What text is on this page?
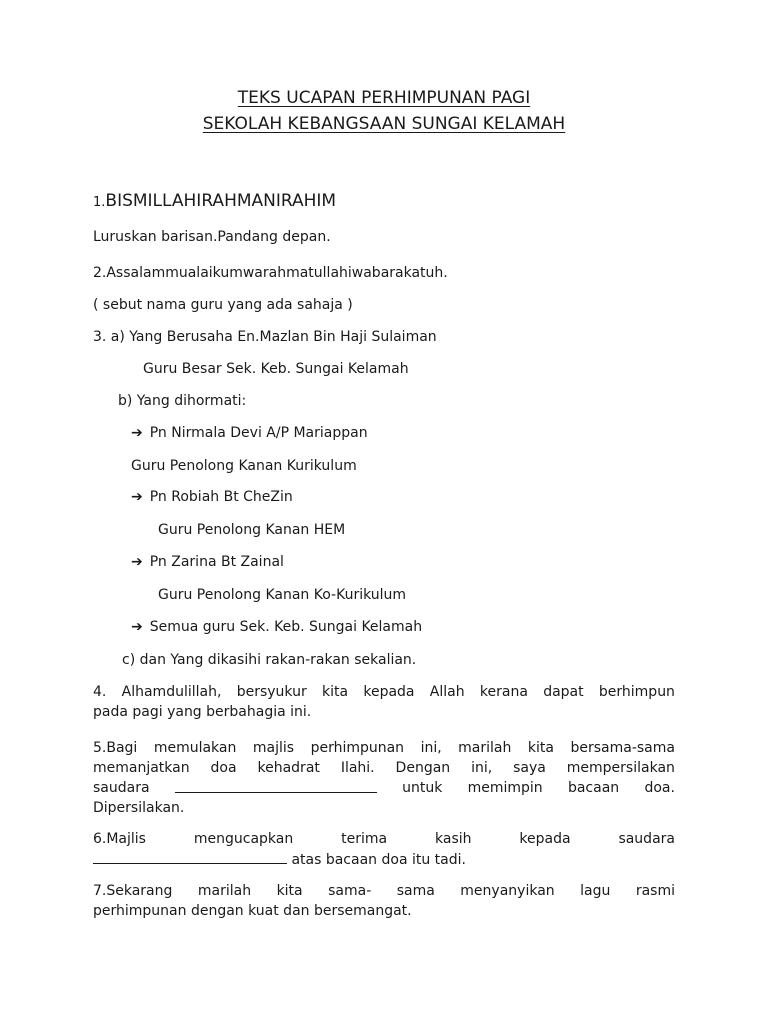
TEKS UCAPAN PERHIMPUNAN PAGI
SEKOLAH KEBANGSAAN SUNGAI KELAMAH
1.BISMILLAHIRAHMANIRAHIM
Luruskan barisan.Pandang depan.
2.Assalammualaikumwarahmatullahiwabarakatuh.
( sebut nama guru yang ada sahaja )
3. a) Yang Berusaha En.Mazlan Bin Haji Sulaiman
Guru Besar Sek. Keb. Sungai Kelamah
b) Yang dihormati:
➔ Pn Nirmala Devi A/P Mariappan
Guru Penolong Kanan Kurikulum
➔ Pn Robiah Bt CheZin
Guru Penolong Kanan HEM
➔ Pn Zarina Bt Zainal
Guru Penolong Kanan Ko-Kurikulum
➔ Semua guru Sek. Keb. Sungai Kelamah
c) dan Yang dikasihi rakan-rakan sekalian.
4. Alhamdulillah, bersyukur kita kepada Allah kerana dapat berhimpun
pada pagi yang berbahagia ini.
5.Bagi memulakan majlis perhimpunan ini, marilah kita bersama-sama
memanjatkan doa kehadrat Ilahi. Dengan ini, saya mempersilakan
saudara	untuk memimpin bacaan doa.
Dipersilakan.
6.Majlis	mengucapkan	terima	kasih	kepada	saudara
atas bacaan doa itu tadi.
7.Sekarang marilah kita sama- sama menyanyikan lagu rasmi
perhimpunan dengan kuat dan bersemangat.
